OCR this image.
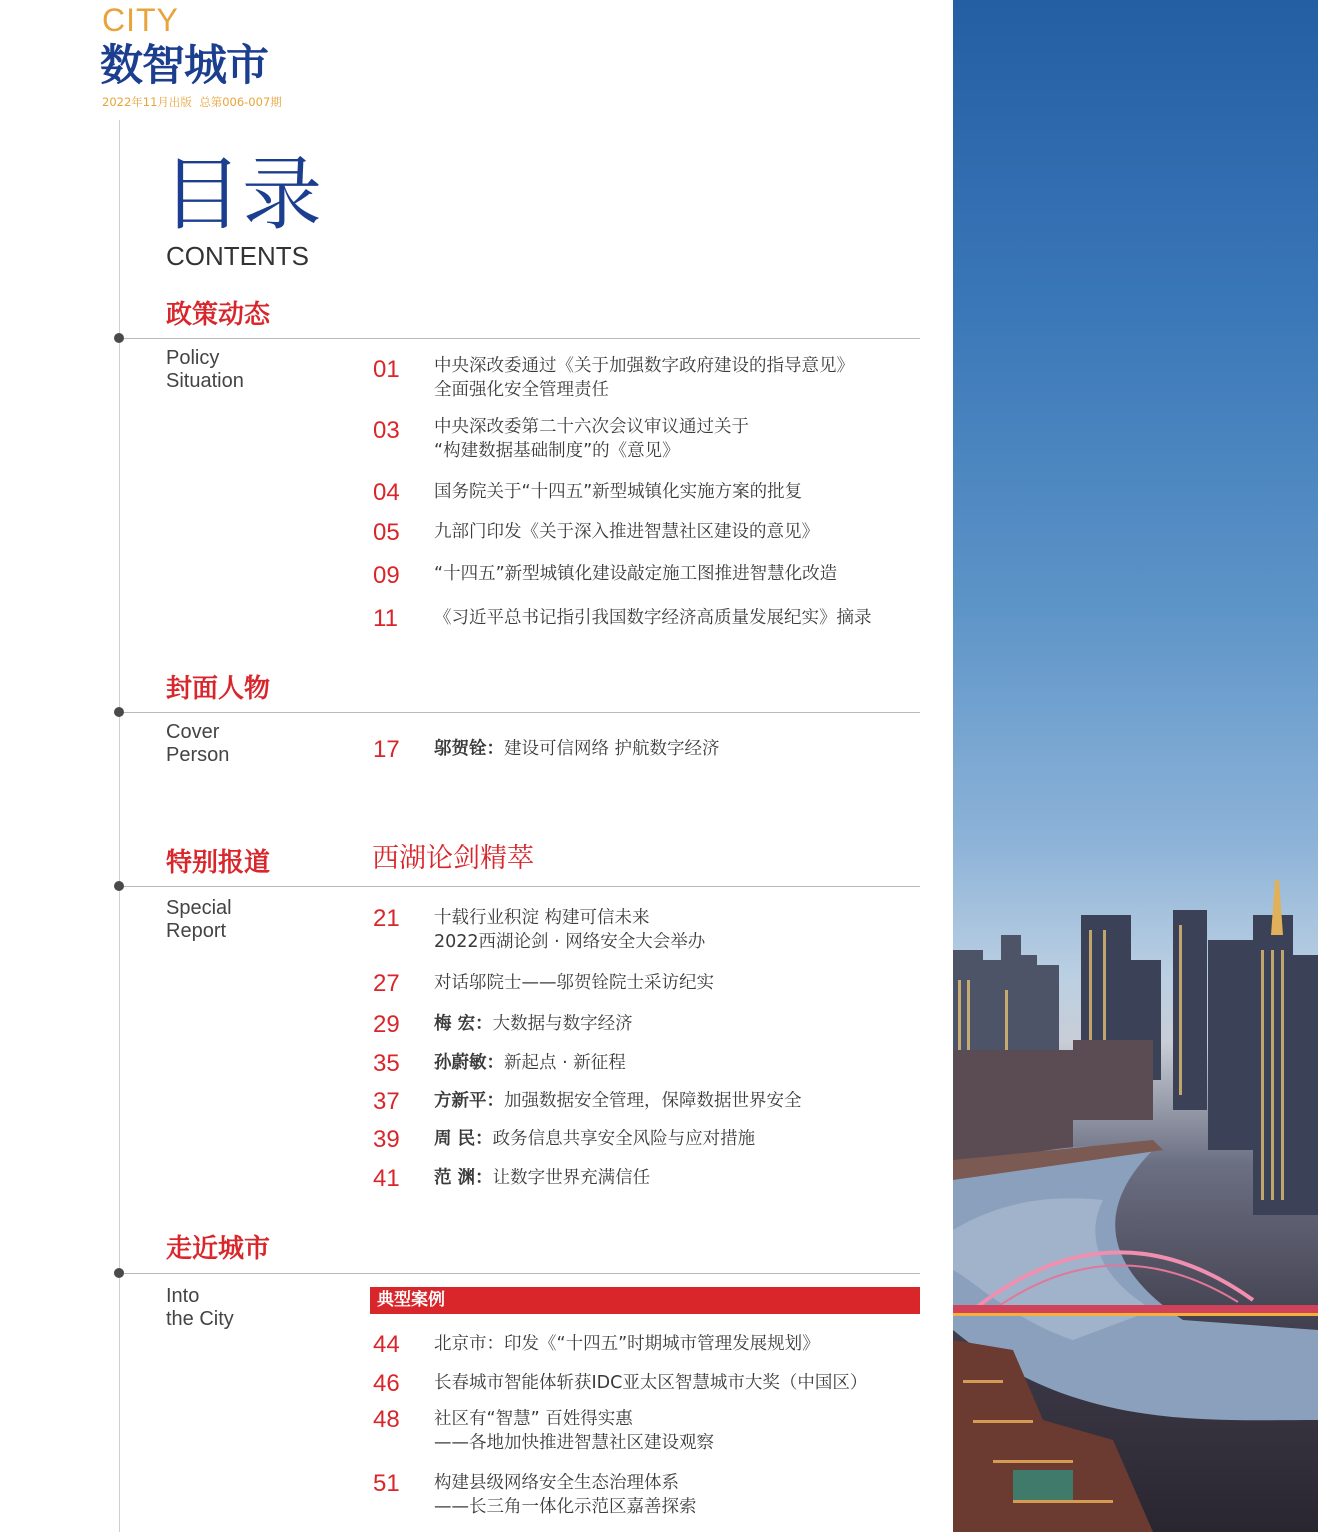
CITY
数智城市
2022年11月出版  总第006-007期
目录
CONTENTS
政策动态
Policy
Situation	01 中央深改委通过《关于加强数字政府建设的指导意见》
全面强化安全管理责任
03 中央深改委第二十六次会议审议通过关于
“构建数据基础制度”的《意见》
04 国务院关于“十四五”新型城镇化实施方案的批复
05 九部门印发《关于深入推进智慧社区建设的意见》
09 “十四五”新型城镇化建设敲定施工图推进智慧化改造
11 《习近平总书记指引我国数字经济高质量发展纪实》摘录
封面人物
Cover
Person	17 邬贺铨：建设可信网络 护航数字经济
特别报道	西湖论剑精萃
Special
Report	21 十载行业积淀 构建可信未来
2022西湖论剑 · 网络安全大会举办
27 对话邬院士——邬贺铨院士采访纪实
29 梅 宏：大数据与数字经济
35 孙蔚敏：新起点 · 新征程
37 方新平：加强数据安全管理，保障数据世界安全
39 周 民：政务信息共享安全风险与应对措施
41 范 渊：让数字世界充满信任
走近城市
Into
the City
典型案例
44 北京市：印发《“十四五”时期城市管理发展规划》
46 长春城市智能体斩获IDC亚太区智慧城市大奖（中国区）
48 社区有“智慧” 百姓得实惠
——各地加快推进智慧社区建设观察
51 构建县级网络安全生态治理体系
——长三角一体化示范区嘉善探索
